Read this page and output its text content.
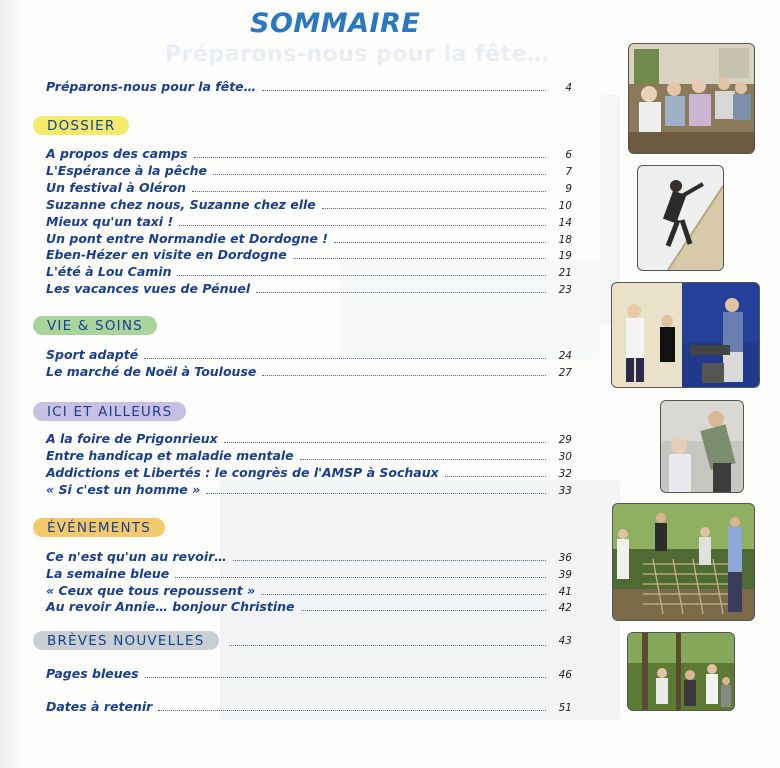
Préparons-nous pour la fête…
SOMMAIRE
Préparons-nous pour la fête…	4
DOSSIER
A propos des camps	6
L'Espérance à la pêche	7
Un festival à Oléron	9
Suzanne chez nous, Suzanne chez elle	10
Mieux qu'un taxi !	14
Un pont entre Normandie et Dordogne !	18
Eben-Hézer en visite en Dordogne	19
L'été à Lou Camin	21
Les vacances vues de Pénuel	23
VIE & SOINS
Sport adapté	24
Le marché de Noël à Toulouse	27
ICI ET AILLEURS
A la foire de Prigonrieux	29
Entre handicap et maladie mentale	30
Addictions et Libertés : le congrès de l'AMSP à Sochaux	32
« Si c'est un homme »	33
ÉVÉNEMENTS
Ce n'est qu'un au revoir…	36
La semaine bleue	39
« Ceux que tous repoussent »	41
Au revoir Annie… bonjour Christine	42
BRÈVES NOUVELLES	43
Pages bleues	46
Dates à retenir	51
